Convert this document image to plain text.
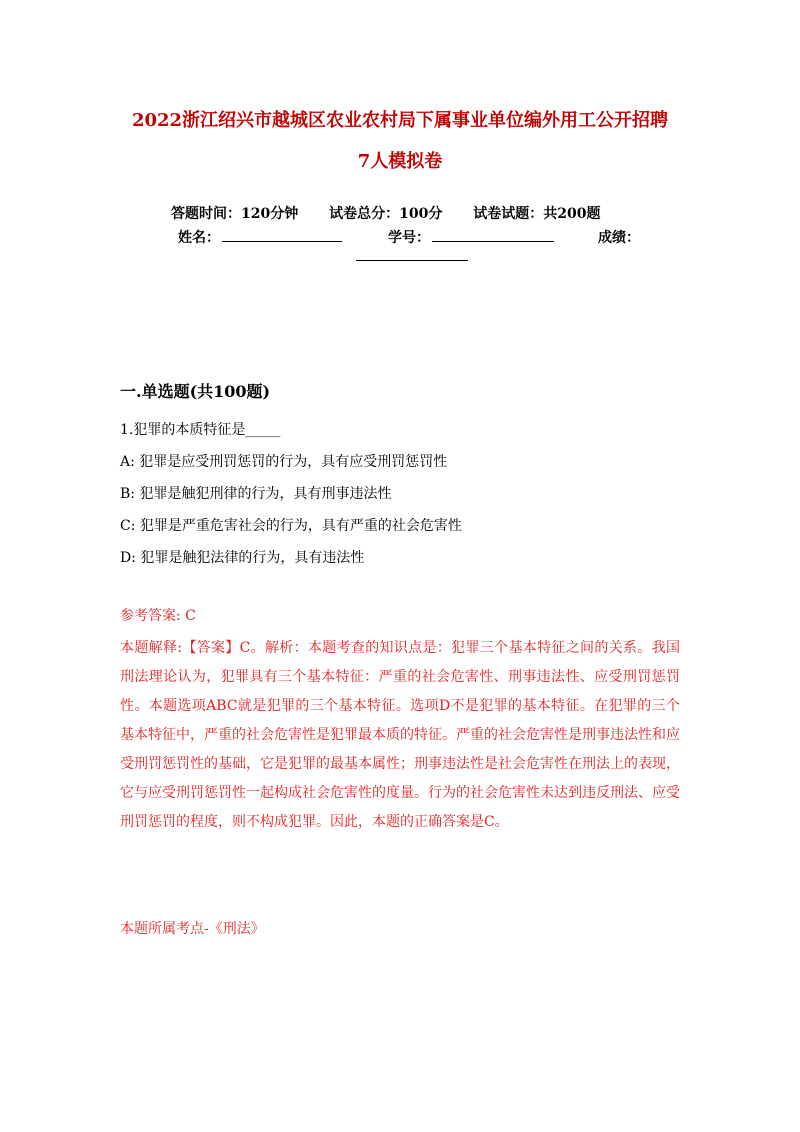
2022浙江绍兴市越城区农业农村局下属事业单位编外用工公开招聘
7人模拟卷
答题时间：120分钟 试卷总分：100分 试卷试题：共200题
姓名：	学号：	成绩：
一.单选题(共100题)
1.犯罪的本质特征是_____
A: 犯罪是应受刑罚惩罚的行为，具有应受刑罚惩罚性
B: 犯罪是触犯刑律的行为，具有刑事违法性
C: 犯罪是严重危害社会的行为，具有严重的社会危害性
D: 犯罪是触犯法律的行为，具有违法性
参考答案: C
本题解释:【答案】C。解析：本题考查的知识点是：犯罪三个基本特征之间的关系。我国刑法理论认为，犯罪具有三个基本特征：严重的社会危害性、刑事违法性、应受刑罚惩罚性。本题选项ABC就是犯罪的三个基本特征。选项D不是犯罪的基本特征。在犯罪的三个基本特征中，严重的社会危害性是犯罪最本质的特征。严重的社会危害性是刑事违法性和应受刑罚惩罚性的基础，它是犯罪的最基本属性；刑事违法性是社会危害性在刑法上的表现，它与应受刑罚惩罚性一起构成社会危害性的度量。行为的社会危害性未达到违反刑法、应受刑罚惩罚的程度，则不构成犯罪。因此，本题的正确答案是C。
本题所属考点-《刑法》
